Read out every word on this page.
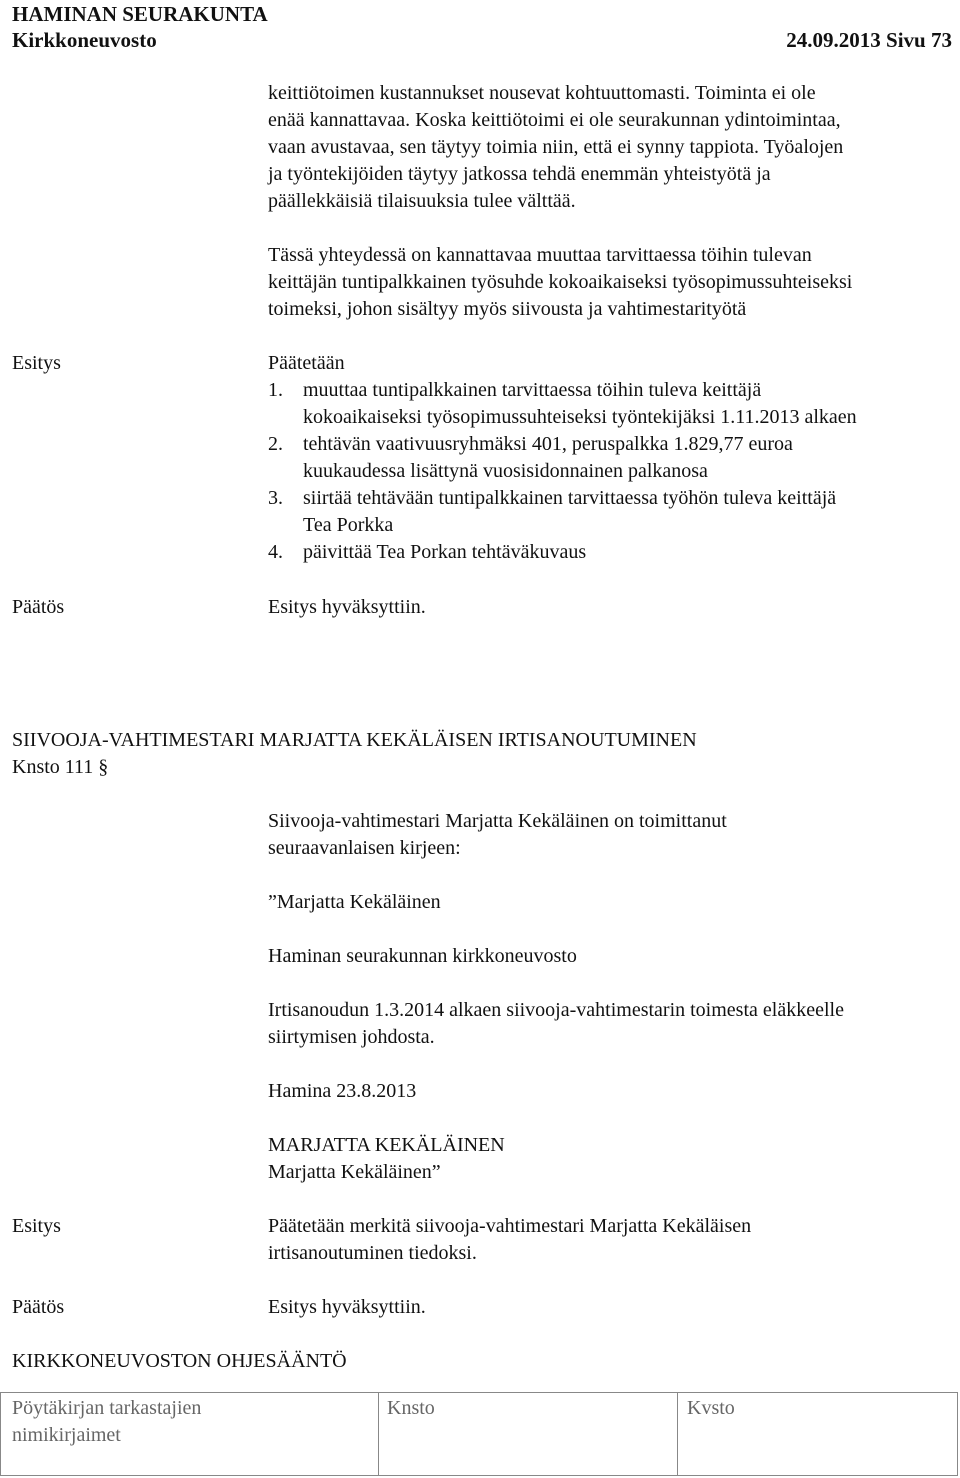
HAMINAN SEURAKUNTA
Kirkkoneuvosto	24.09.2013 Sivu 73
keittiötoimen kustannukset nousevat kohtuuttomasti. Toiminta ei ole
enää kannattavaa. Koska keittiötoimi ei ole seurakunnan ydintoimintaa,
vaan avustavaa, sen täytyy toimia niin, että ei synny tappiota. Työalojen
ja työntekijöiden täytyy jatkossa tehdä enemmän yhteistyötä ja
päällekkäisiä tilaisuuksia tulee välttää.
Tässä yhteydessä on kannattavaa muuttaa tarvittaessa töihin tulevan
keittäjän tuntipalkkainen työsuhde kokoaikaiseksi työsopimussuhteiseksi
toimeksi, johon sisältyy myös siivousta ja vahtimestarityötä
Esitys	Päätetään
1. muuttaa tuntipalkkainen tarvittaessa töihin tuleva keittäjä
kokoaikaiseksi työsopimussuhteiseksi työntekijäksi 1.11.2013 alkaen
2. tehtävän vaativuusryhmäksi 401, peruspalkka 1.829,77 euroa
kuukaudessa lisättynä vuosisidonnainen palkanosa
3. siirtää tehtävään tuntipalkkainen tarvittaessa työhön tuleva keittäjä
Tea Porkka
4. päivittää Tea Porkan tehtäväkuvaus
Päätös	Esitys hyväksyttiin.
SIIVOOJA-VAHTIMESTARI MARJATTA KEKÄLÄISEN IRTISANOUTUMINEN
Knsto 111 §
Siivooja-vahtimestari Marjatta Kekäläinen on toimittanut
seuraavanlaisen kirjeen:
”Marjatta Kekäläinen
Haminan seurakunnan kirkkoneuvosto
Irtisanoudun 1.3.2014 alkaen siivooja-vahtimestarin toimesta eläkkeelle
siirtymisen johdosta.
Hamina 23.8.2013
MARJATTA KEKÄLÄINEN
Marjatta Kekäläinen”
Esitys	Päätetään merkitä siivooja-vahtimestari Marjatta Kekäläisen
irtisanoutuminen tiedoksi.
Päätös	Esitys hyväksyttiin.
KIRKKONEUVOSTON OHJESÄÄNTÖ
Pöytäkirjan tarkastajien
nimikirjaimet
Knsto	Kvsto
